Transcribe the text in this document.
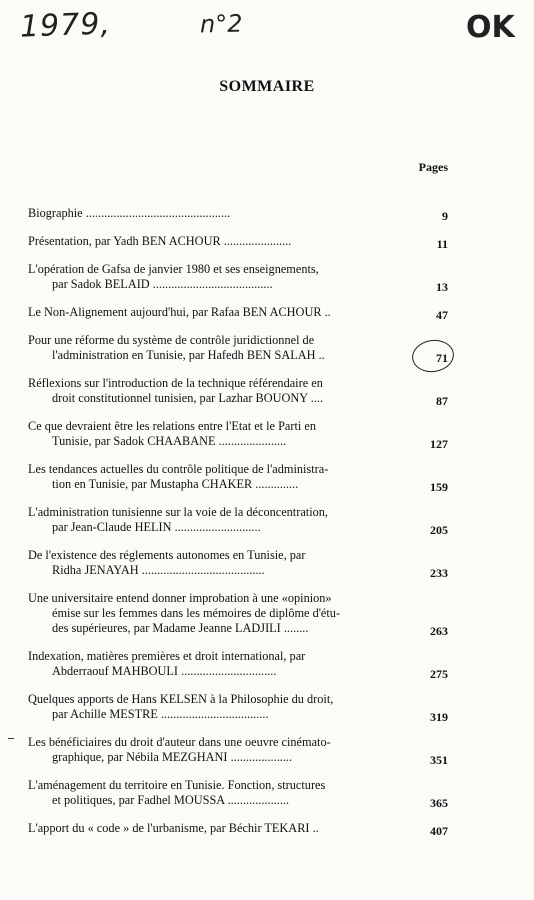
1979,	n°2	OK
SOMMAIRE
Pages
Biographie ...............................................	9
Présentation, par Yadh BEN ACHOUR ......................	11
L'opération de Gafsa de janvier 1980 et ses enseignements,
par Sadok BELAID .......................................	13
Le Non-Alignement aujourd'hui, par Rafaa BEN ACHOUR ..	47
Pour une réforme du système de contrôle juridictionnel de
l'administration en Tunisie, par Hafedh BEN SALAH ..	71
Réflexions sur l'introduction de la technique référendaire en
droit constitutionnel tunisien, par Lazhar BOUONY ....	87
Ce que devraient être les relations entre l'Etat et le Parti en
Tunisie, par Sadok CHAABANE ......................	127
Les tendances actuelles du contrôle politique de l'administra-
tion en Tunisie, par Mustapha CHAKER ..............	159
L'administration tunisienne sur la voie de la déconcentration,
par Jean-Claude HELIN ............................	205
De l'existence des réglements autonomes en Tunisie, par
Ridha JENAYAH ........................................	233
Une universitaire entend donner improbation à une «opinion»
émise sur les femmes dans les mémoires de diplôme d'étu-
des supérieures, par Madame Jeanne LADJILI ........	263
Indexation, matières premières et droit international, par
Abderraouf MAHBOULI ...............................	275
Quelques apports de Hans KELSEN à la Philosophie du droit,
par Achille MESTRE ...................................	319
Les bénéficiaires du droit d'auteur dans une oeuvre cinémato-
graphique, par Nébila MEZGHANI ....................	351
L'aménagement du territoire en Tunisie. Fonction, structures
et politiques, par Fadhel MOUSSA ....................	365
L'apport du « code » de l'urbanisme, par Béchir TEKARI ..	407
